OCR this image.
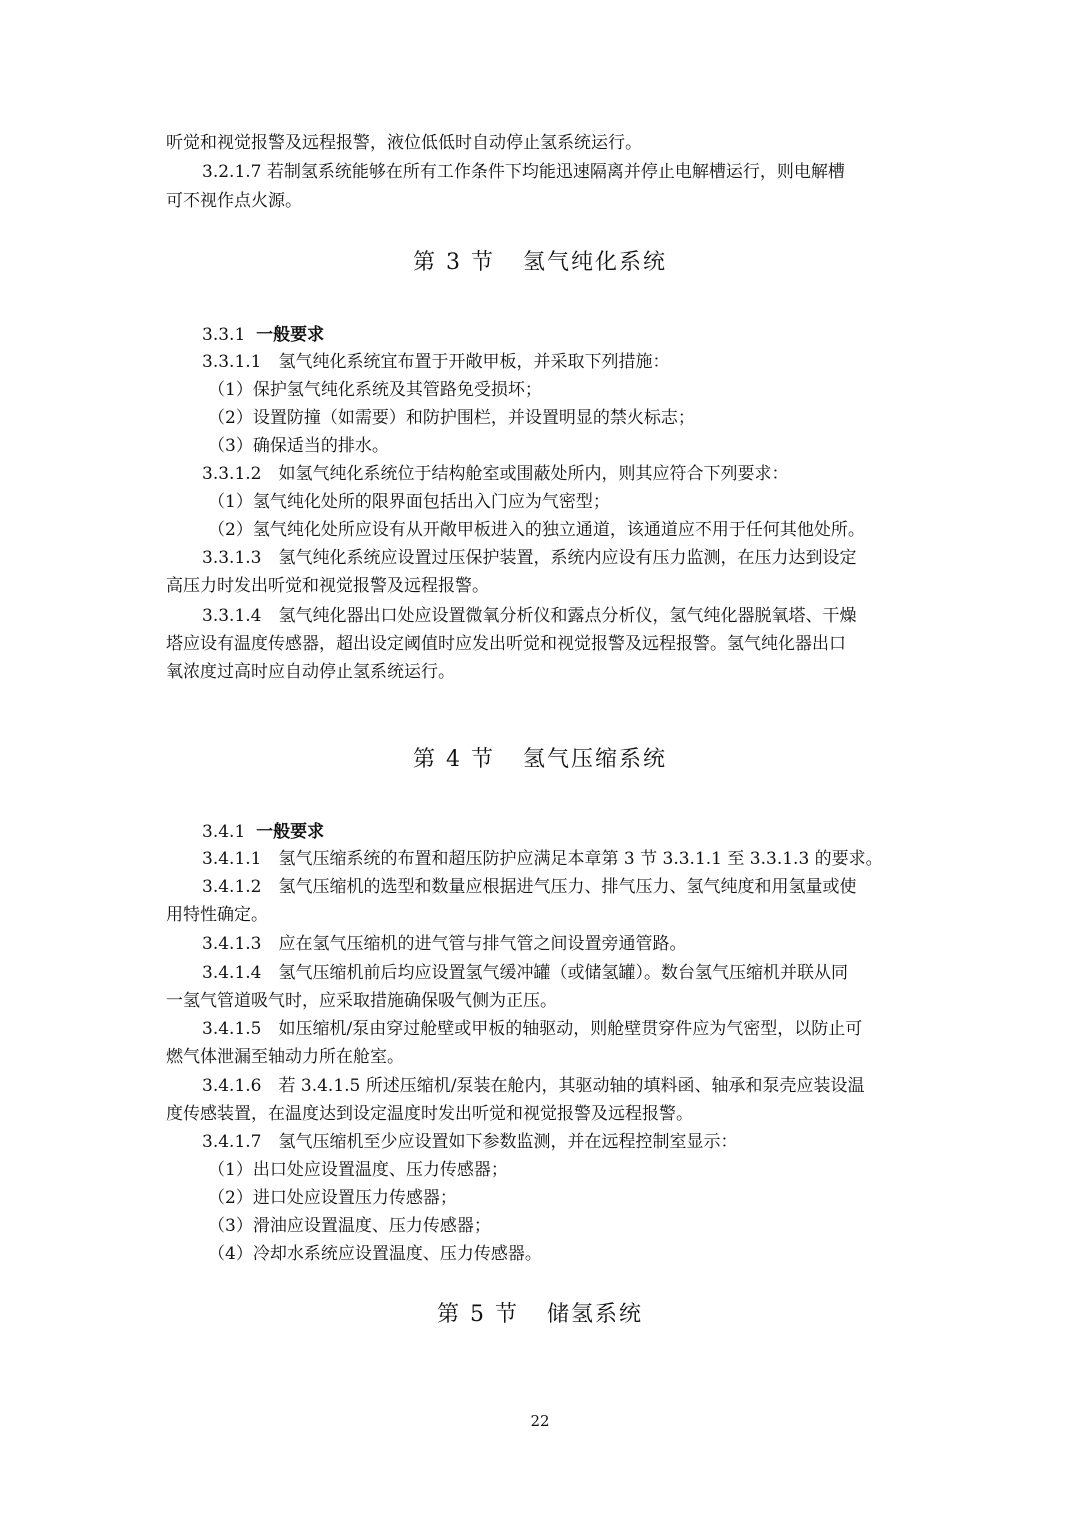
听觉和视觉报警及远程报警，液位低低时自动停止氢系统运行。
3.2.1.7 若制氢系统能够在所有工作条件下均能迅速隔离并停止电解槽运行，则电解槽
可不视作点火源。
第 3 节 氢气纯化系统
3.3.1 一般要求
3.3.1.1　氢气纯化系统宜布置于开敞甲板，并采取下列措施：
（1）保护氢气纯化系统及其管路免受损坏；
（2）设置防撞（如需要）和防护围栏，并设置明显的禁火标志；
（3）确保适当的排水。
3.3.1.2　如氢气纯化系统位于结构舱室或围蔽处所内，则其应符合下列要求：
（1）氢气纯化处所的限界面包括出入门应为气密型；
（2）氢气纯化处所应设有从开敞甲板进入的独立通道，该通道应不用于任何其他处所。
3.3.1.3　氢气纯化系统应设置过压保护装置，系统内应设有压力监测，在压力达到设定
高压力时发出听觉和视觉报警及远程报警。
3.3.1.4　氢气纯化器出口处应设置微氧分析仪和露点分析仪，氢气纯化器脱氧塔、干燥
塔应设有温度传感器，超出设定阈值时应发出听觉和视觉报警及远程报警。氢气纯化器出口
氧浓度过高时应自动停止氢系统运行。
第 4 节 氢气压缩系统
3.4.1 一般要求
3.4.1.1　氢气压缩系统的布置和超压防护应满足本章第 3 节 3.3.1.1 至 3.3.1.3 的要求。
3.4.1.2　氢气压缩机的选型和数量应根据进气压力、排气压力、氢气纯度和用氢量或使
用特性确定。
3.4.1.3　应在氢气压缩机的进气管与排气管之间设置旁通管路。
3.4.1.4　氢气压缩机前后均应设置氢气缓冲罐（或储氢罐）。数台氢气压缩机并联从同
一氢气管道吸气时，应采取措施确保吸气侧为正压。
3.4.1.5　如压缩机/泵由穿过舱壁或甲板的轴驱动，则舱壁贯穿件应为气密型，以防止可
燃气体泄漏至轴动力所在舱室。
3.4.1.6　若 3.4.1.5 所述压缩机/泵装在舱内，其驱动轴的填料函、轴承和泵壳应装设温
度传感装置，在温度达到设定温度时发出听觉和视觉报警及远程报警。
3.4.1.7　氢气压缩机至少应设置如下参数监测，并在远程控制室显示：
（1）出口处应设置温度、压力传感器；
（2）进口处应设置压力传感器；
（3）滑油应设置温度、压力传感器；
（4）冷却水系统应设置温度、压力传感器。
第 5 节 储氢系统
22
